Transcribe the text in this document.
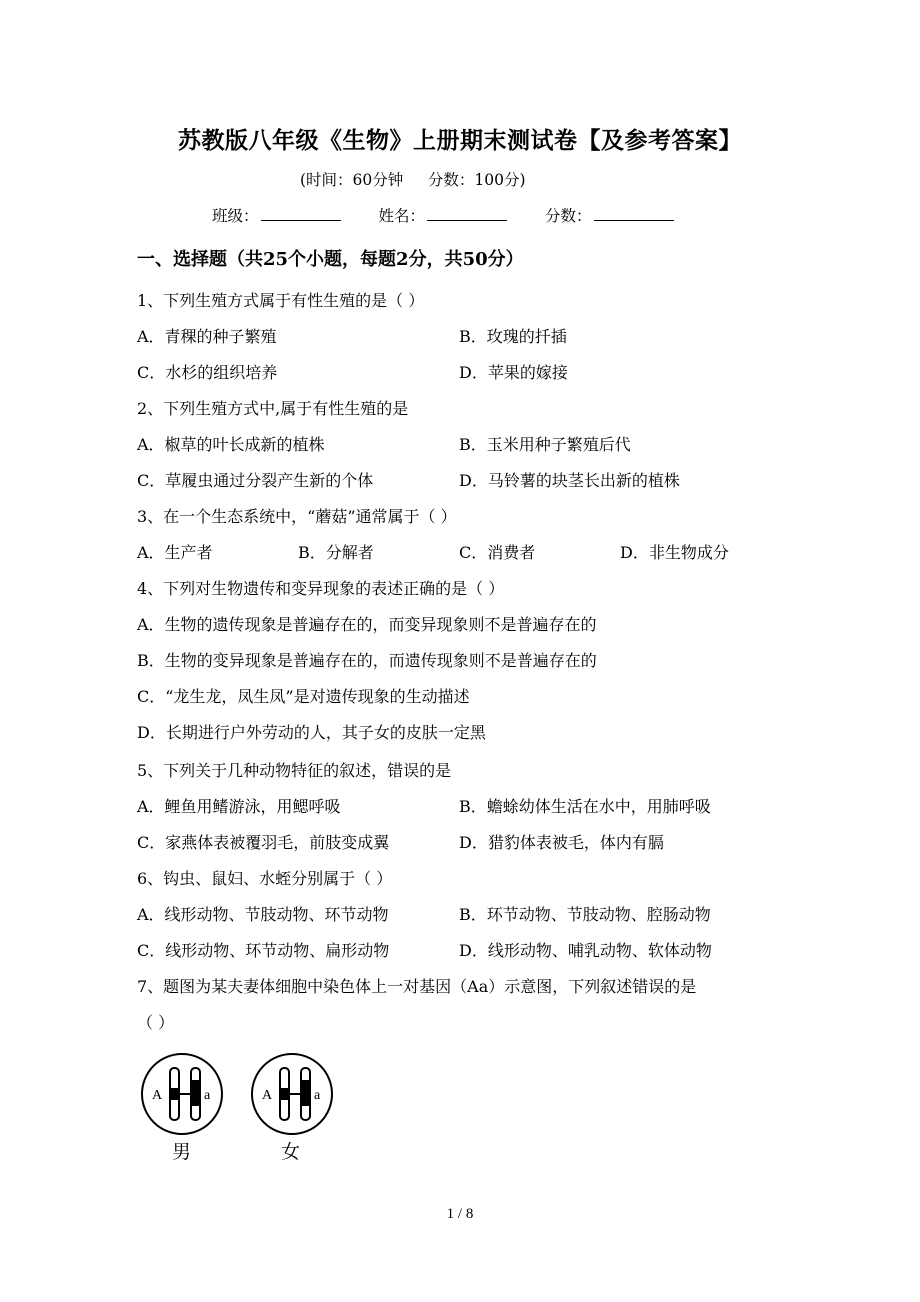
苏教版八年级《生物》上册期末测试卷【及参考答案】
(时间：60分钟     分数：100分)
班级：	姓名：	分数：
一、选择题（共25个小题，每题2分，共50分）
1、下列生殖方式属于有性生殖的是（ ）
A．青稞的种子繁殖	B．玫瑰的扦插
C．水杉的组织培养	D．苹果的嫁接
2、下列生殖方式中,属于有性生殖的是
A．椒草的叶长成新的植株	B．玉米用种子繁殖后代
C．草履虫通过分裂产生新的个体	D．马铃薯的块茎长出新的植株
3、在一个生态系统中，“蘑菇”通常属于（ ）
A．生产者	B．分解者	C．消费者	D．非生物成分
4、下列对生物遗传和变异现象的表述正确的是（ ）
A．生物的遗传现象是普遍存在的，而变异现象则不是普遍存在的
B．生物的变异现象是普遍存在的，而遗传现象则不是普遍存在的
C．“龙生龙，凤生凤”是对遗传现象的生动描述
D．长期进行户外劳动的人，其子女的皮肤一定黑
5、下列关于几种动物特征的叙述，错误的是
A．鲤鱼用鳍游泳，用鳃呼吸	B．蟾蜍幼体生活在水中，用肺呼吸
C．家燕体表被覆羽毛，前肢变成翼	D．猎豹体表被毛，体内有膈
6、钩虫、鼠妇、水蛭分别属于（ ）
A．线形动物、节肢动物、环节动物	B．环节动物、节肢动物、腔肠动物
C．线形动物、环节动物、扁形动物	D．线形动物、哺乳动物、软体动物
7、题图为某夫妻体细胞中染色体上一对基因（Aa）示意图，下列叙述错误的是
（ ）
A	a
男
A	a
女
1 / 8
